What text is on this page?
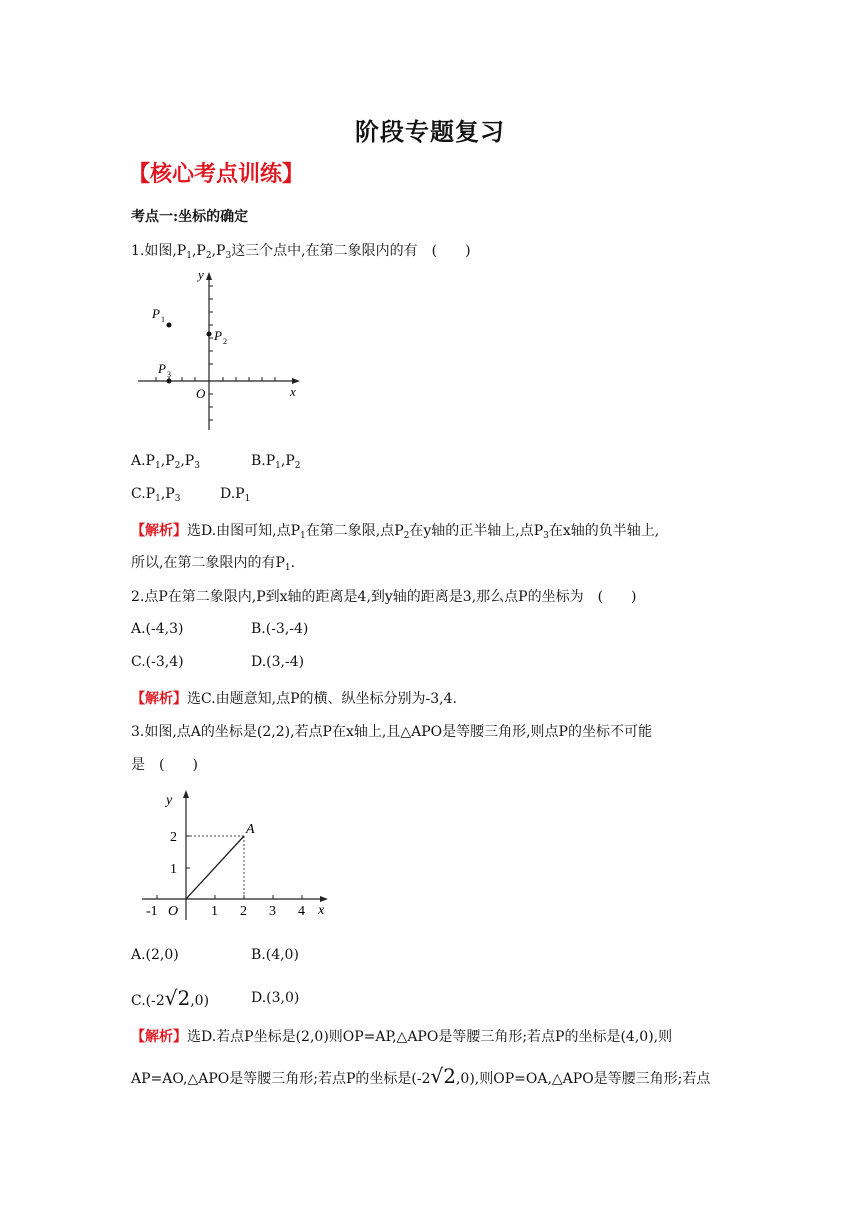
阶段专题复习
【核心考点训练】
考点一:坐标的确定
1.如图$,P_1,P_2,P_3$这三个点中,在第二象限内的有　(　　)
P 1
P 2
P 3
O	x
y
$A.P_1,P_2,P_3$	$B.P_1,P_2$
$C.P_1,P_3$	$D.P_1$
【解析】选D.由图可知,点$P_1$在第二象限,点$P_2$在y轴的正半轴上,点$P_3$在x轴的负半轴上,
所以,在第二象限内的有$P_1$.
2.点P在第二象限内,P到x轴的距离是4,到y轴的距离是3,那么点P的坐标为　(　　)
A.(-4,3)	B.(-3,-4)
C.(-3,4)	D.(3,-4)
【解析】选C.由题意知,点P的横、纵坐标分别为-3,4.
3.如图,点A的坐标是(2,2),若点P在x轴上,且△APO是等腰三角形,则点P的坐标不可能
是　(　　)
-1	1 2 3 4
1
2
O
A
x
y
A.(2,0)	B.(4,0)
C.(-2√2,0)	D.(3,0)
【解析】选D.若点P坐标是(2,0)则OP=AP,△APO是等腰三角形;若点P的坐标是(4,0),则
AP=AO,△APO是等腰三角形;若点P的坐标是(-2√2,0),则OP=OA,△APO是等腰三角形;若点
